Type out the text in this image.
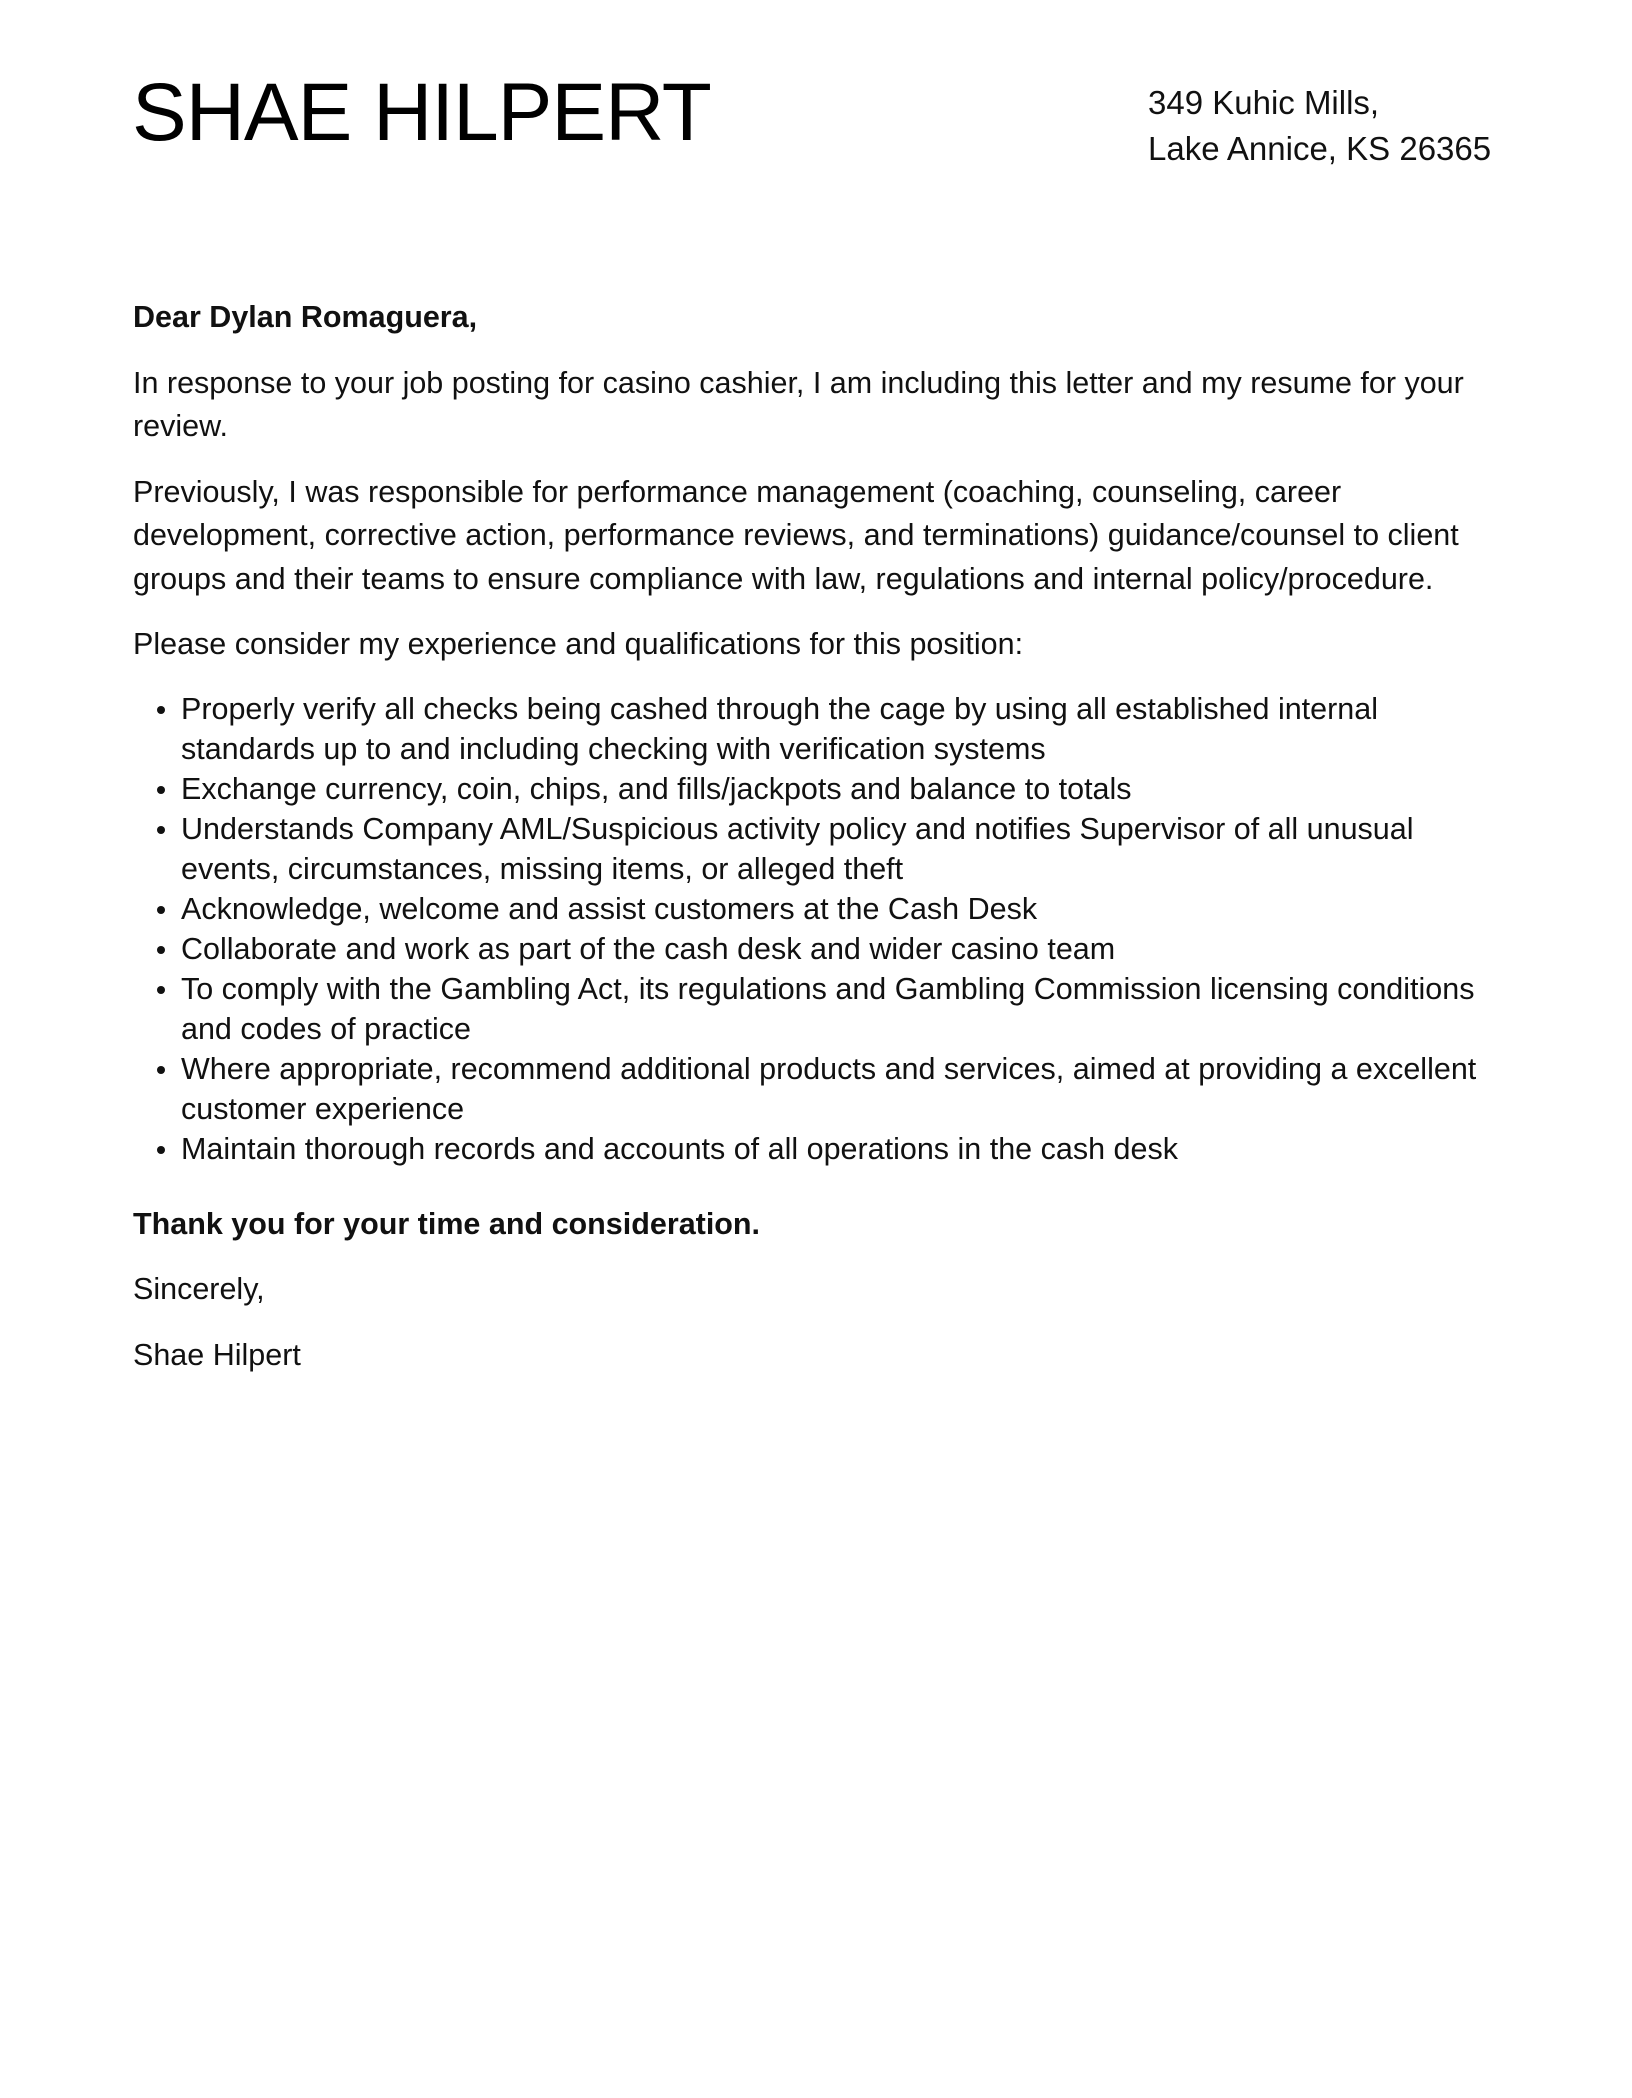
SHAE HILPERT	349 Kuhic Mills,
Lake Annice, KS 26365

Dear Dylan Romaguera,

In response to your job posting for casino cashier, I am including this letter and my resume for your review.

Previously, I was responsible for performance management (coaching, counseling, career development, corrective action, performance reviews, and terminations) guidance/counsel to client groups and their teams to ensure compliance with law, regulations and internal policy/procedure.

Please consider my experience and qualifications for this position:

Properly verify all checks being cashed through the cage by using all established internal standards up to and including checking with verification systems
Exchange currency, coin, chips, and fills/jackpots and balance to totals
Understands Company AML/Suspicious activity policy and notifies Supervisor of all unusual events, circumstances, missing items, or alleged theft
Acknowledge, welcome and assist customers at the Cash Desk
Collaborate and work as part of the cash desk and wider casino team
To comply with the Gambling Act, its regulations and Gambling Commission licensing conditions and codes of practice
Where appropriate, recommend additional products and services, aimed at providing a excellent customer experience
Maintain thorough records and accounts of all operations in the cash desk

Thank you for your time and consideration.

Sincerely,

Shae Hilpert
